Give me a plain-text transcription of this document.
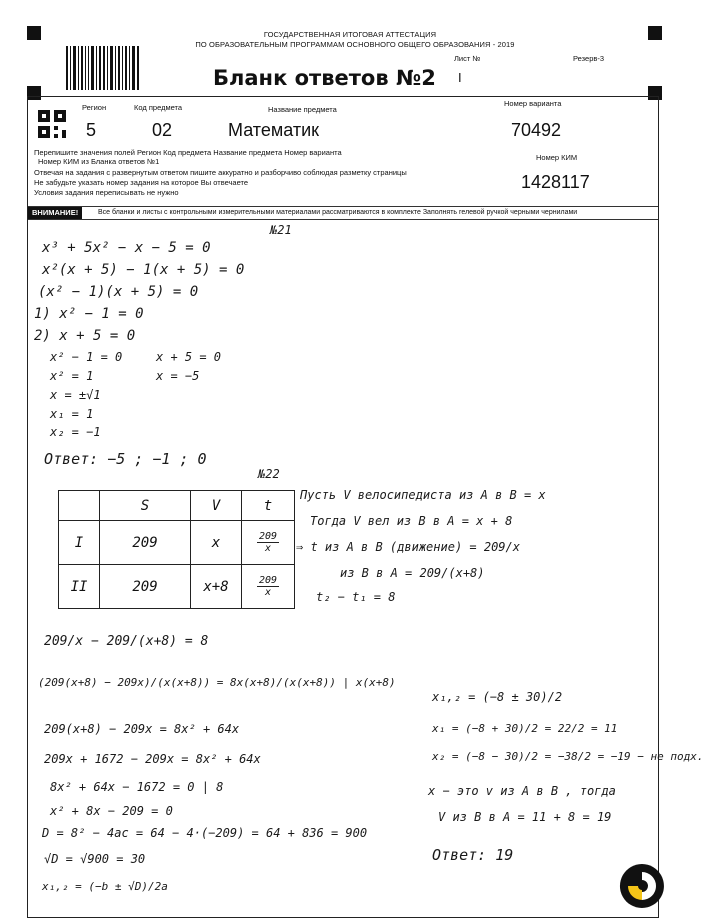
ГОСУДАРСТВЕННАЯ ИТОГОВАЯ АТТЕСТАЦИЯ
ПО ОБРАЗОВАТЕЛЬНЫМ ПРОГРАММАМ ОСНОВНОГО ОБЩЕГО ОБРАЗОВАНИЯ - 2019
Лист №	Резерв-3
Бланк ответов №2 I
Регион
5
Код предмета
02
Название предмета
Математик
Номер варианта
70492
Номер КИМ
1428117
Перепишите значения полей Регион Код предмета Название предмета Номер варианта
Номер КИМ из Бланка ответов №1
Отвечая на задания с развернутым ответом пишите аккуратно и разборчиво соблюдая разметку страницы
Не забудьте указать номер задания на которое Вы отвечаете
Условия задания переписывать не нужно
ВНИМАНИЕ!	Все бланки и листы с контрольными измерительными материалами рассматриваются в комплекте Заполнять гелевой ручкой черными чернилами
№21
x³ + 5x² − x − 5 = 0
x²(x + 5) − 1(x + 5) = 0
(x² − 1)(x + 5) = 0
1) x² − 1 = 0
2) x + 5 = 0
x² − 1 = 0
x² = 1
x = ±√1
x₁ = 1
x₂ = −1
x + 5 = 0
x = −5
Ответ: −5 ; −1 ; 0
№22
	S	V	t
I	209	x	$\frac{209}{x}$

II	209	x+8	$\frac{209}{x}$
Пусть V велосипедиста из A в B = x
Тогда V вел из B в A = x + 8
⇒ t из A в B (движение) = 209/x
из B в A = 209/(x+8)
t₂ − t₁ = 8
209/x − 209/(x+8) = 8
(209(x+8) − 209x)/(x(x+8)) = 8x(x+8)/(x(x+8)) | x(x+8)
209(x+8) − 209x = 8x² + 64x
209x + 1672 − 209x = 8x² + 64x
8x² + 64x − 1672 = 0 | 8
x² + 8x − 209 = 0
D = 8² − 4ac = 64 − 4·(−209) = 64 + 836 = 900
√D = √900 = 30
x₁,₂ = (−b ± √D)/2a
x₁,₂ = (−8 ± 30)/2
x₁ = (−8 + 30)/2 = 22/2 = 11
x₂ = (−8 − 30)/2 = −38/2 = −19 − не подх.
x − это v из A в B , тогда
V из B в A = 11 + 8 = 19
Ответ: 19
